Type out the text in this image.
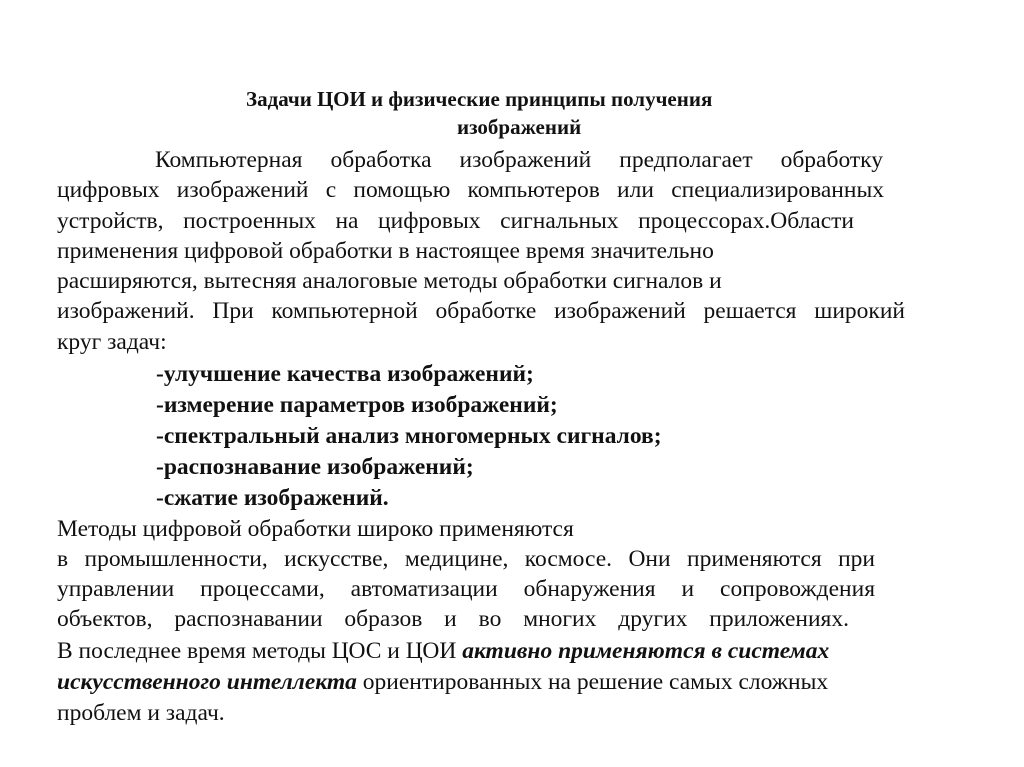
Задачи ЦОИ и физические принципы получения
изображений
Компьютерная обработка изображений предполагает обработку
цифровых изображений с помощью компьютеров или специализированных
устройств, построенных на цифровых сигнальных процессорах.Области
применения цифровой обработки в настоящее время значительно
расширяются, вытесняя аналоговые методы обработки сигналов и
изображений. При компьютерной обработке изображений решается широкий
круг задач:
-улучшение качества изображений;
-измерение параметров изображений;
-спектральный анализ многомерных сигналов;
-распознавание изображений;
-сжатие изображений.
Методы цифровой обработки широко применяются
в промышленности, искусстве, медицине, космосе. Они применяются при
управлении процессами, автоматизации обнаружения и сопровождения
объектов, распознавании образов и во многих других приложениях.
В последнее время методы ЦОС и ЦОИ активно применяются в системах
искусственного интеллекта ориентированных на решение самых сложных
проблем и задач.
